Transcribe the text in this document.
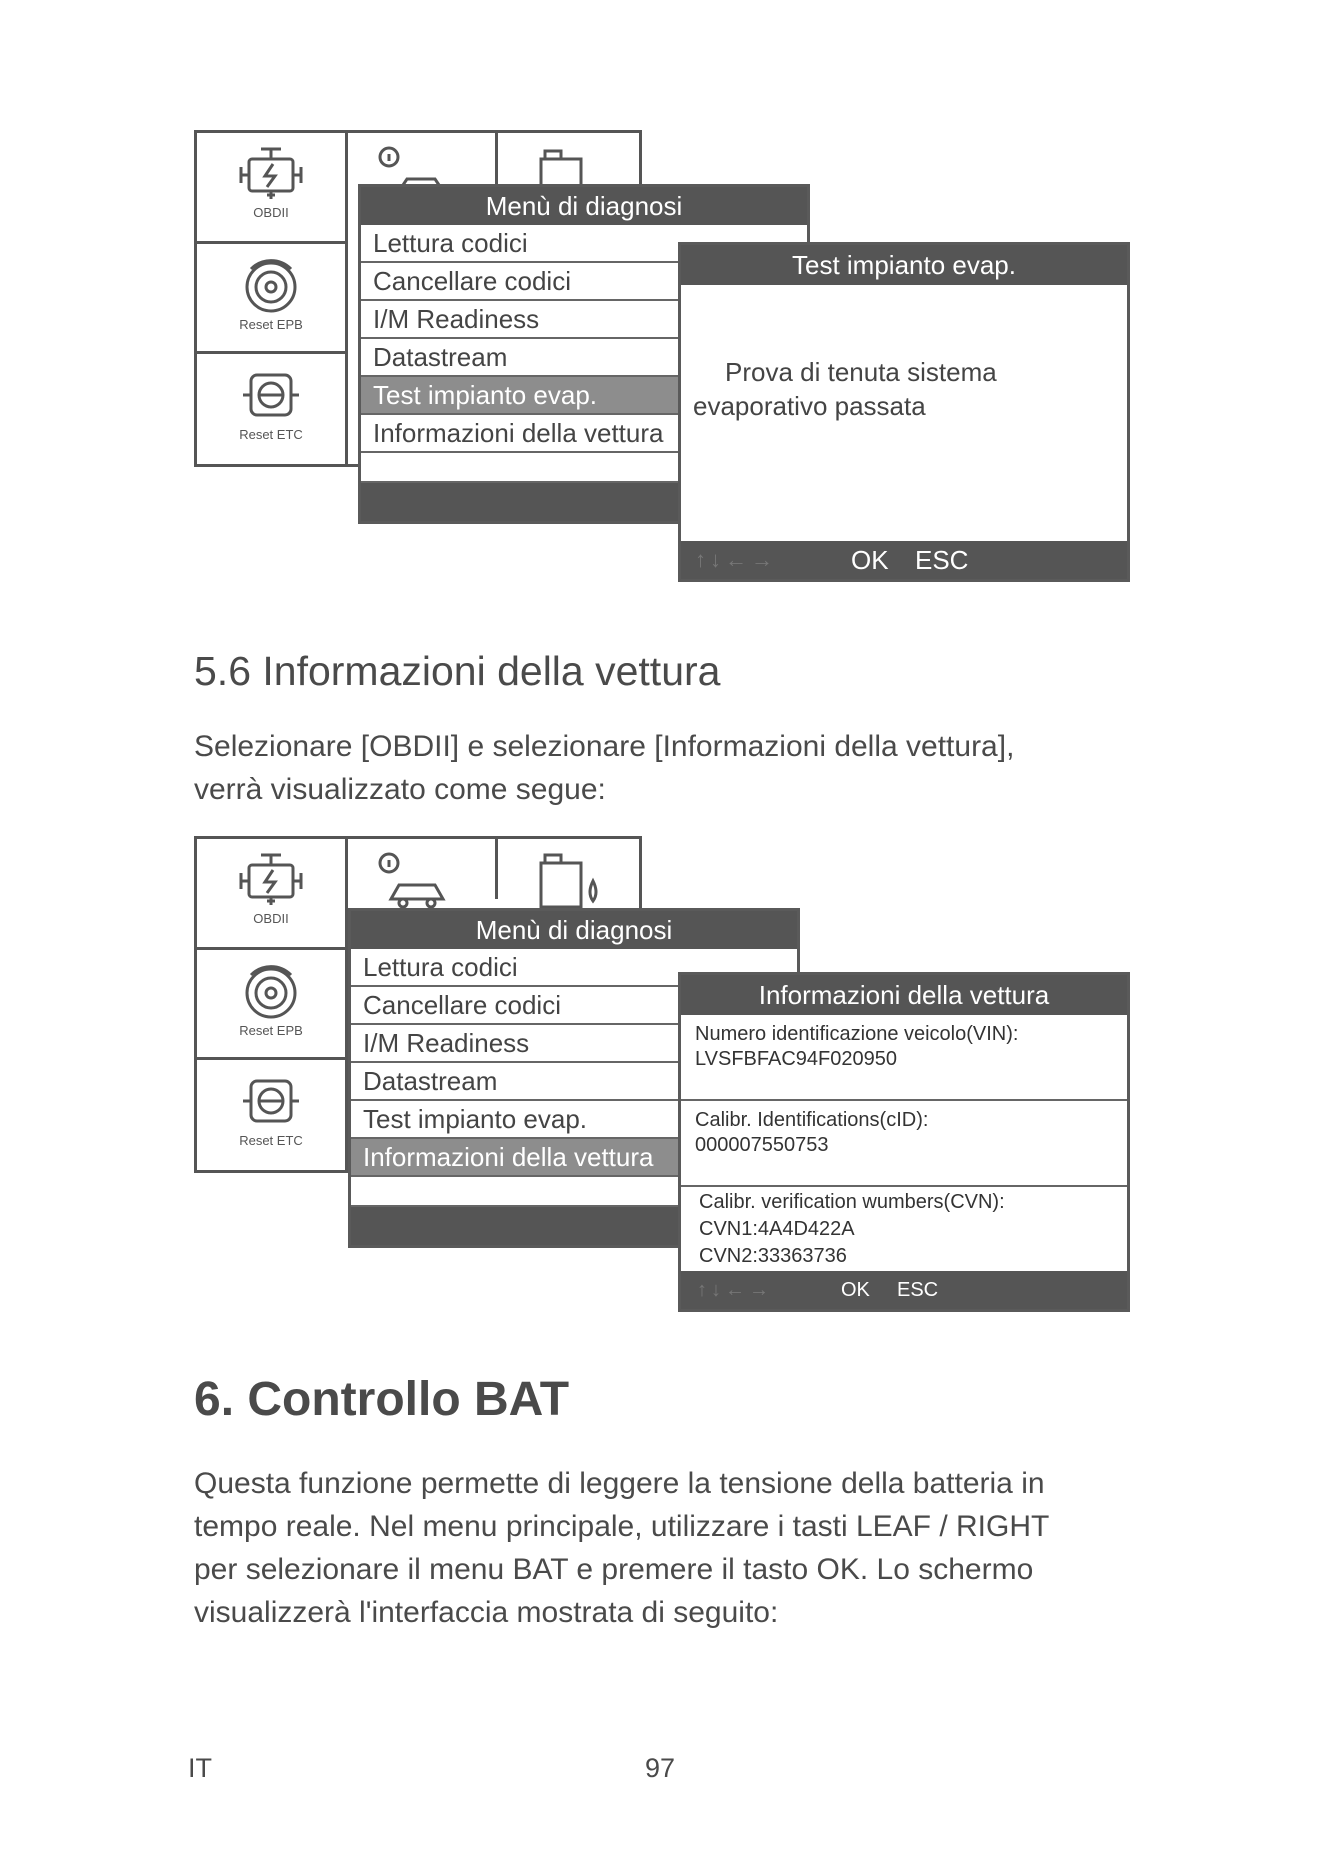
OBDII
Reset EPB
Reset ETC
Menù di diagnosi
Lettura codici
Cancellare codici
I/M Readiness
Datastream
Test impianto evap.
Informazioni della vettura
Test impianto evap.
Prova di tenuta sistema
evaporativo passata
↑↓←→	OK ESC
5.6 Informazioni della vettura
Selezionare [OBDII] e selezionare [Informazioni della vettura],
verrà visualizzato come segue:
OBDII
Reset EPB
Reset ETC
Menù di diagnosi
Lettura codici
Cancellare codici
I/M Readiness
Datastream
Test impianto evap.
Informazioni della vettura
Informazioni della vettura
Numero identificazione veicolo(VIN):
LVSFBFAC94F020950
Calibr. Identifications(cID):
000007550753
Calibr. verification wumbers(CVN):
CVN1:4A4D422A
CVN2:33363736
↑↓←→	OK ESC
6. Controllo BAT
Questa funzione permette di leggere la tensione della batteria in
tempo reale. Nel menu principale, utilizzare i tasti LEAF / RIGHT
per selezionare il menu BAT e premere il tasto OK. Lo schermo
visualizzerà l'interfaccia mostrata di seguito:
IT	97
